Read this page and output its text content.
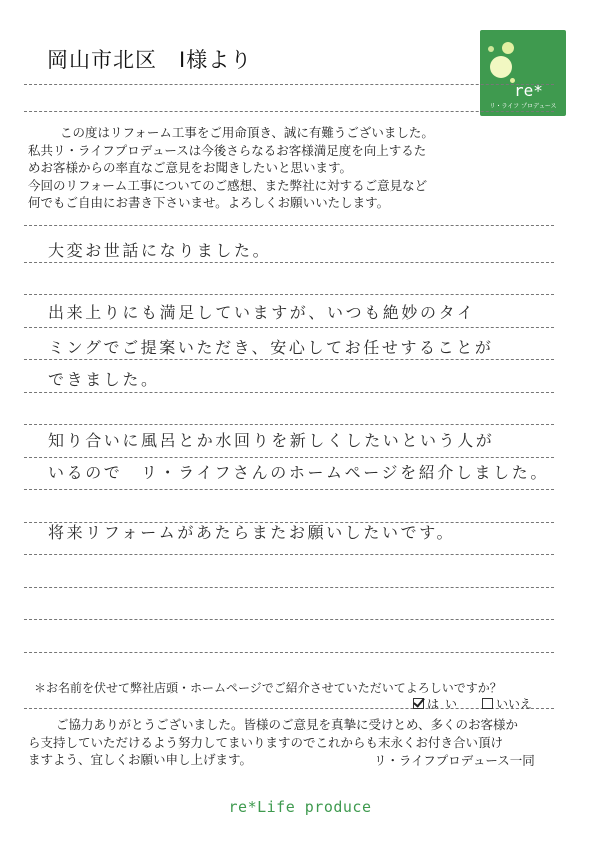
岡山市北区　I様より

re*

Life

リ・ライフ プロデュース

この度はリフォーム工事をご用命頂き、誠に有難うございました。

私共リ・ライフプロデュースは今後さらなるお客様満足度を向上するた

めお客様からの率直なご意見をお聞きしたいと思います。

今回のリフォーム工事についてのご感想、また弊社に対するご意見など

何でもご自由にお書き下さいませ。よろしくお願いいたします。

大変お世話になりました。
出来上りにも満足していますが、いつも絶妙のタイ
ミングでご提案いただき、安心してお任せすることが
できました。
知り合いに風呂とか水回りを新しくしたいという人が
いるので　リ・ライフさんのホームページを紹介しました。
将来リフォームがあたらまたお願いしたいです。
＊お名前を伏せて弊社店頭・ホームページでご紹介させていただいてよろしいですか？
はい	いいえ

ご協力ありがとうございました。皆様のご意見を真摯に受けとめ、多くのお客様か

ら支持していただけるよう努力してまいりますのでこれからも末永くお付き合い頂け

ますよう、宜しくお願い申し上げます。	リ・ライフプロデュース一同
re*Life produce
